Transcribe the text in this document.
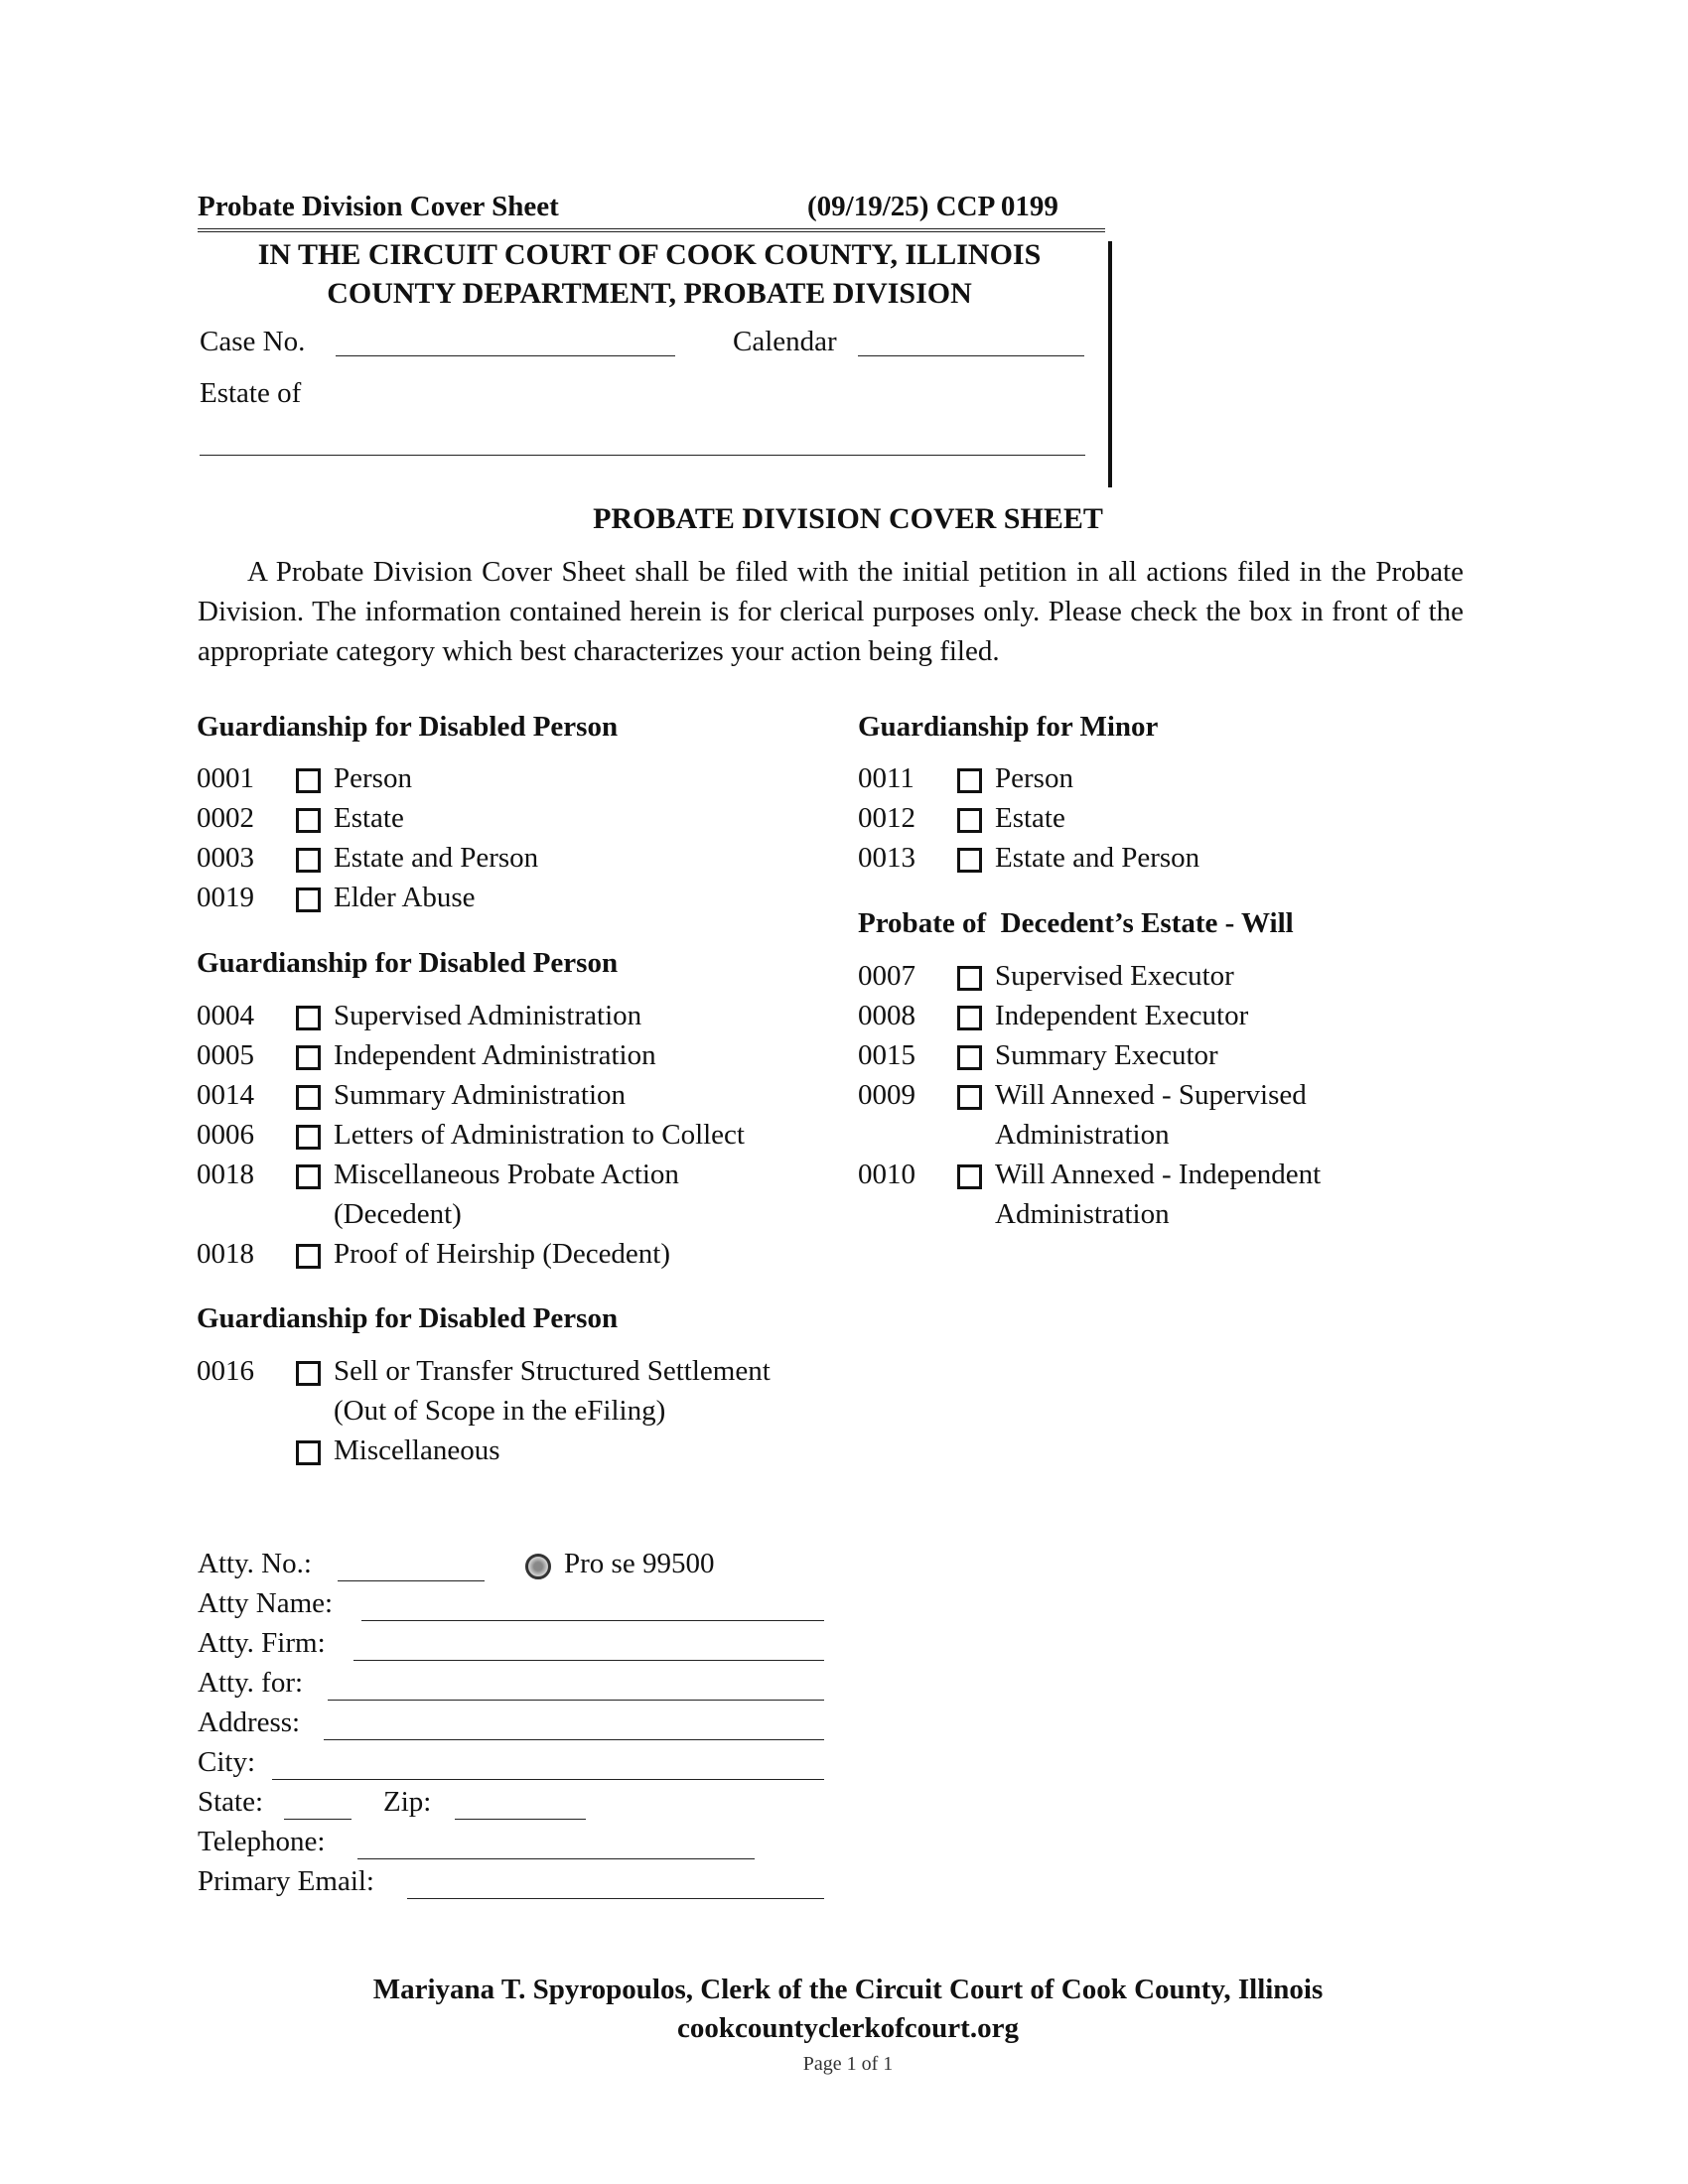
Probate Division Cover Sheet	(09/19/25) CCP 0199
IN THE CIRCUIT COURT OF COOK COUNTY, ILLINOIS
COUNTY DEPARTMENT, PROBATE DIVISION
Case No.	Calendar
Estate of
PROBATE DIVISION COVER SHEET
A Probate Division Cover Sheet shall be filed with the initial petition in all actions filed in the Probate Division. The information contained herein is for clerical purposes only. Please check the box in front of the appropriate category which best characterizes your action being filed.
Guardianship for Disabled Person
0001	Person
0002	Estate
0003	Estate and Person
0019	Elder Abuse
Guardianship for Disabled Person
0004	Supervised Administration
0005	Independent Administration
0014	Summary Administration
0006	Letters of Administration to Collect
0018	Miscellaneous Probate Action
(Decedent)
0018	Proof of Heirship (Decedent)
Guardianship for Disabled Person
0016	Sell or Transfer Structured Settlement
(Out of Scope in the eFiling)
Miscellaneous
Guardianship for Minor
0011	Person
0012	Estate
0013	Estate and Person
Probate of  Decedent’s Estate - Will
0007	Supervised Executor
0008	Independent Executor
0015	Summary Executor
0009	Will Annexed - Supervised
Administration
0010	Will Annexed - Independent
Administration
Atty. No.:	Pro se 99500
Atty Name:
Atty. Firm:
Atty. for:
Address:
City:
State:	Zip:
Telephone:
Primary Email:
Mariyana T. Spyropoulos, Clerk of the Circuit Court of Cook County, Illinois
cookcountyclerkofcourt.org
Page 1 of 1
